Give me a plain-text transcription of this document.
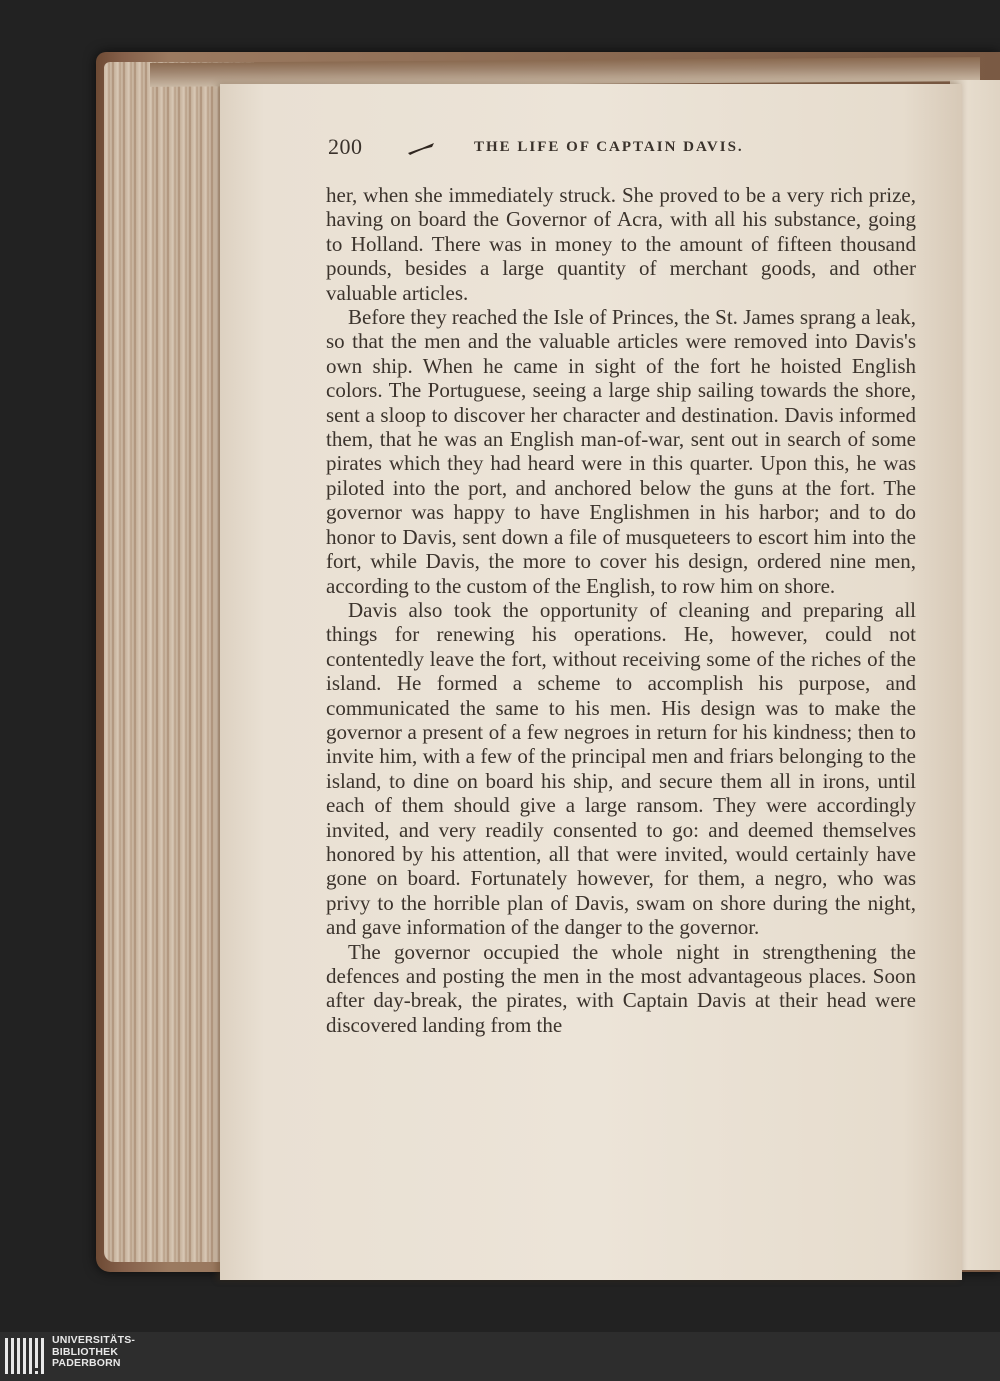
200	THE LIFE OF CAPTAIN DAVIS.

her, when she immediately struck. She proved to be a very rich prize, having on board the Governor of Acra, with all his substance, going to Holland. There was in money to the amount of fifteen thousand pounds, besides a large quantity of merchant goods, and other valuable articles.

Before they reached the Isle of Princes, the St. James sprang a leak, so that the men and the valuable articles were removed into Davis's own ship. When he came in sight of the fort he hoisted English colors. The Portuguese, seeing a large ship sailing towards the shore, sent a sloop to discover her character and destination. Davis informed them, that he was an English man-of-war, sent out in search of some pirates which they had heard were in this quarter. Upon this, he was piloted into the port, and anchored below the guns at the fort. The governor was happy to have Englishmen in his harbor; and to do honor to Davis, sent down a file of musqueteers to escort him into the fort, while Davis, the more to cover his design, ordered nine men, according to the custom of the English, to row him on shore.

Davis also took the opportunity of cleaning and preparing all things for renewing his operations. He, however, could not contentedly leave the fort, without receiving some of the riches of the island. He formed a scheme to accomplish his purpose, and communicated the same to his men. His design was to make the governor a present of a few negroes in return for his kindness; then to invite him, with a few of the principal men and friars belonging to the island, to dine on board his ship, and secure them all in irons, until each of them should give a large ransom. They were accordingly invited, and very readily consented to go: and deemed themselves honored by his attention, all that were invited, would certainly have gone on board. Fortunately however, for them, a negro, who was privy to the horrible plan of Davis, swam on shore during the night, and gave information of the danger to the governor.

The governor occupied the whole night in strengthening the defences and posting the men in the most advantageous places. Soon after day-break, the pirates, with Captain Davis at their head were discovered landing from the

UNIVERSITÄTS-
BIBLIOTHEK
PADERBORN
